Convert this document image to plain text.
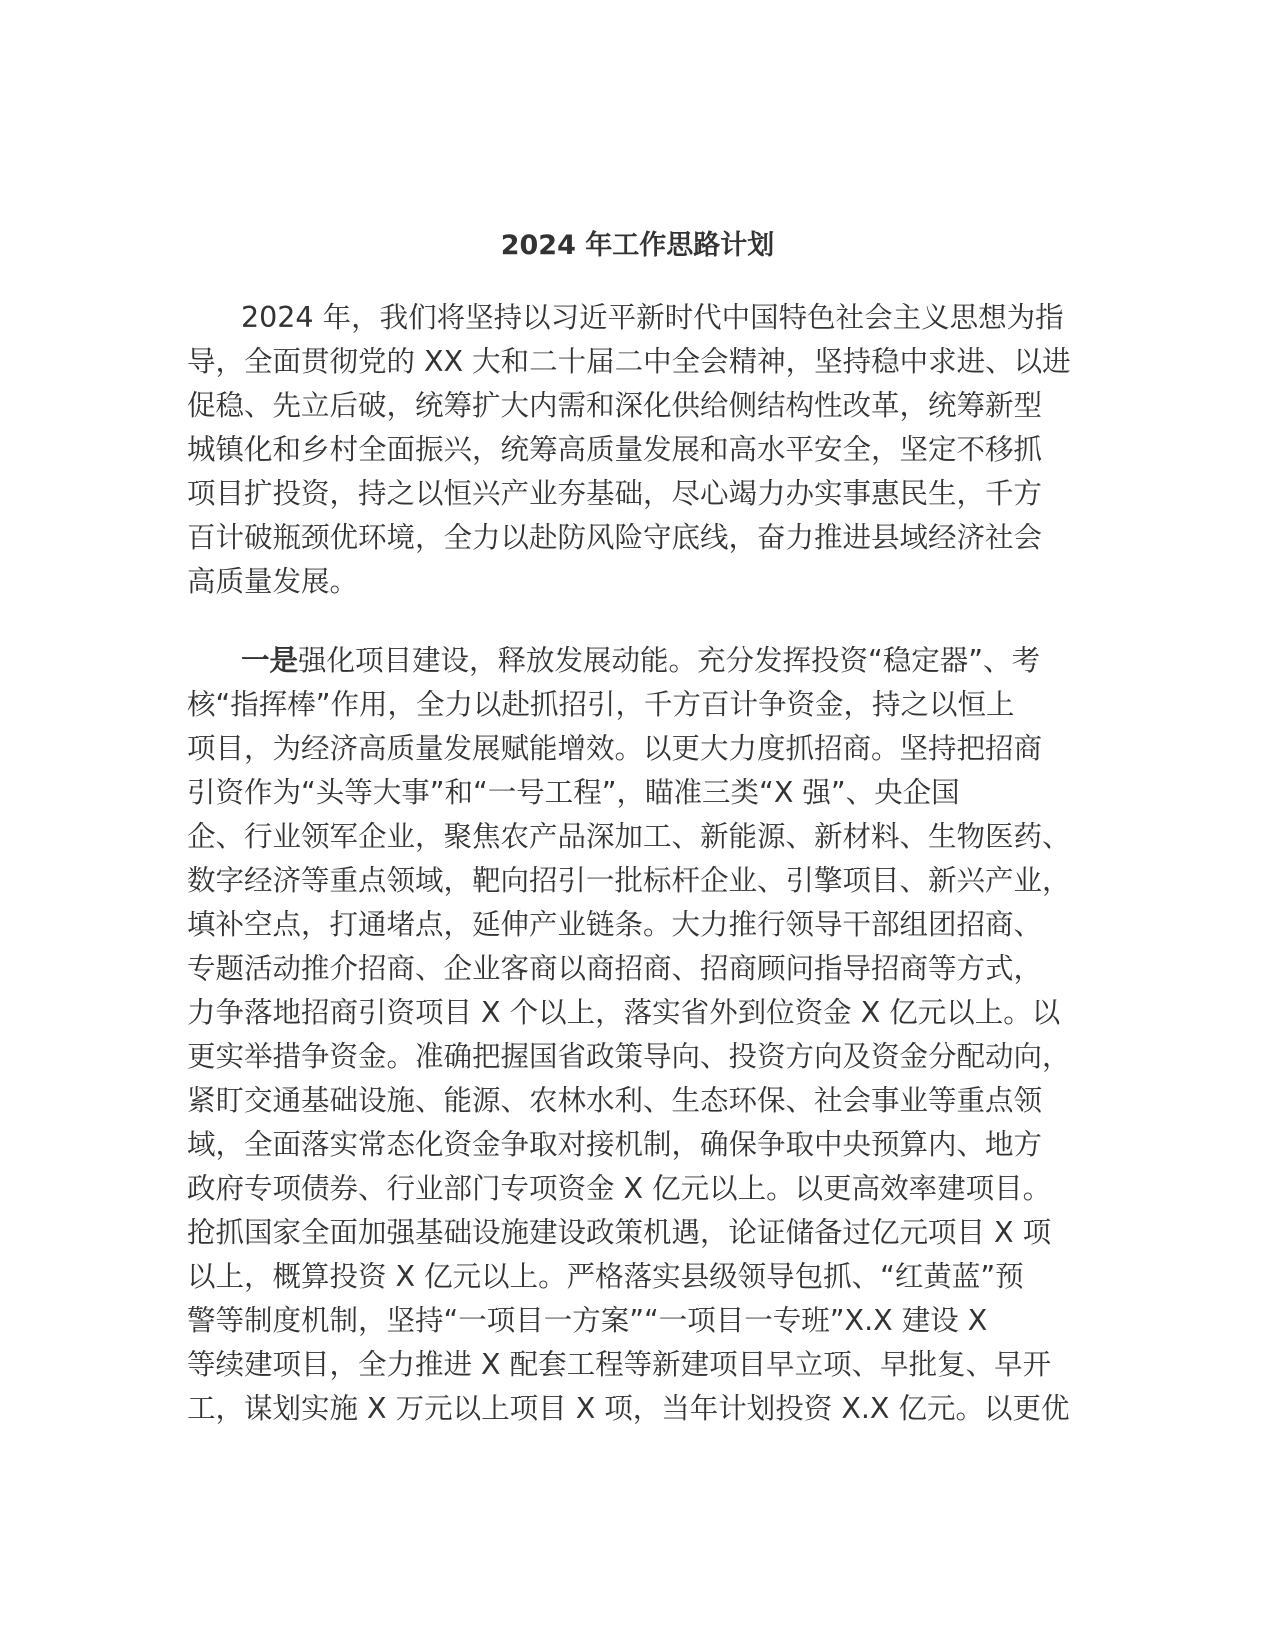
2024 年工作思路计划
2024 年，我们将坚持以习近平新时代中国特色社会主义思想为指
导，全面贯彻党的 XX 大和二十届二中全会精神，坚持稳中求进、以进
促稳、先立后破，统筹扩大内需和深化供给侧结构性改革，统筹新型
城镇化和乡村全面振兴，统筹高质量发展和高水平安全，坚定不移抓
项目扩投资，持之以恒兴产业夯基础，尽心竭力办实事惠民生，千方
百计破瓶颈优环境，全力以赴防风险守底线，奋力推进县域经济社会
高质量发展。
一是强化项目建设，释放发展动能。充分发挥投资“稳定器”、考
核“指挥棒”作用，全力以赴抓招引，千方百计争资金，持之以恒上
项目，为经济高质量发展赋能增效。以更大力度抓招商。坚持把招商
引资作为“头等大事”和“一号工程”，瞄准三类“X 强”、央企国
企、行业领军企业，聚焦农产品深加工、新能源、新材料、生物医药、
数字经济等重点领域，靶向招引一批标杆企业、引擎项目、新兴产业，
填补空点，打通堵点，延伸产业链条。大力推行领导干部组团招商、
专题活动推介招商、企业客商以商招商、招商顾问指导招商等方式，
力争落地招商引资项目 X 个以上，落实省外到位资金 X 亿元以上。以
更实举措争资金。准确把握国省政策导向、投资方向及资金分配动向，
紧盯交通基础设施、能源、农林水利、生态环保、社会事业等重点领
域，全面落实常态化资金争取对接机制，确保争取中央预算内、地方
政府专项债券、行业部门专项资金 X 亿元以上。以更高效率建项目。
抢抓国家全面加强基础设施建设政策机遇，论证储备过亿元项目 X 项
以上，概算投资 X 亿元以上。严格落实县级领导包抓、“红黄蓝”预
警等制度机制，坚持“一项目一方案”“一项目一专班”X.X 建设 X
等续建项目，全力推进 X 配套工程等新建项目早立项、早批复、早开
工，谋划实施 X 万元以上项目 X 项，当年计划投资 X.X 亿元。以更优
